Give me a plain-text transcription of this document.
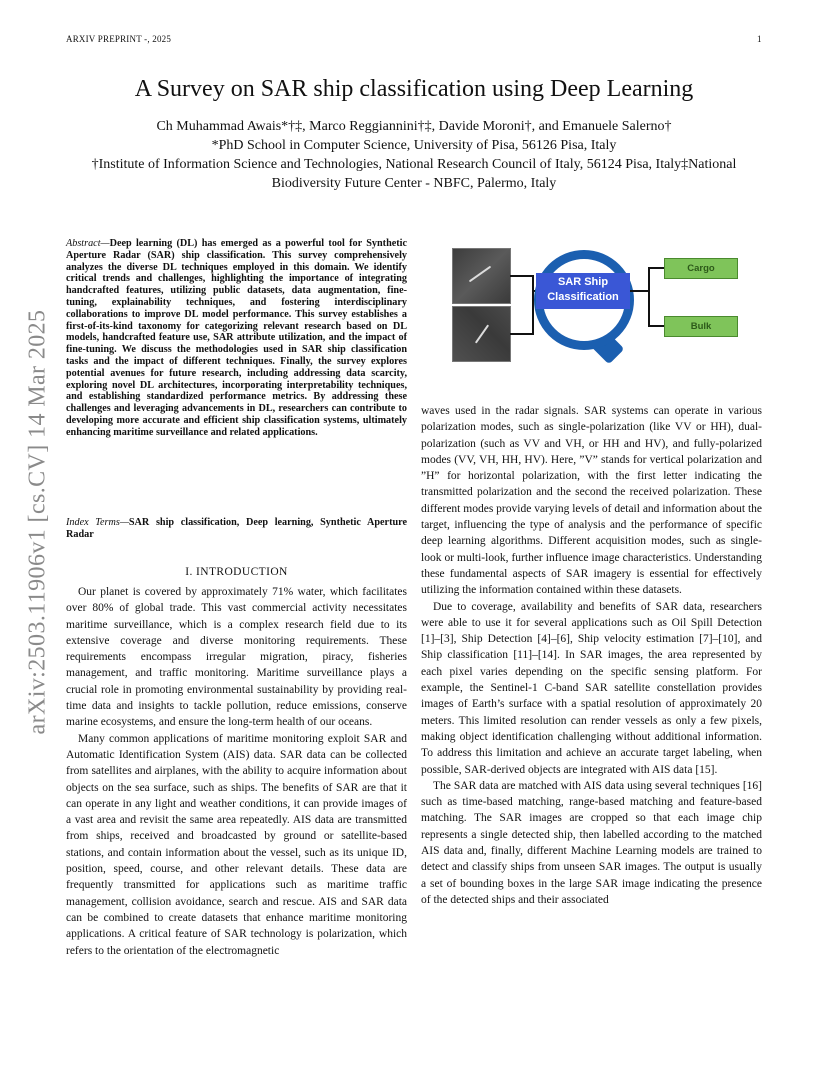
ARXIV PREPRINT -, 2025	1
arXiv:2503.11906v1 [cs.CV] 14 Mar 2025
A Survey on SAR ship classification using Deep Learning
Ch Muhammad Awais*†‡, Marco Reggiannini†‡, Davide Moroni†, and Emanuele Salerno†
*PhD School in Computer Science, University of Pisa, 56126 Pisa, Italy
†Institute of Information Science and Technologies, National Research Council of Italy, 56124 Pisa, Italy‡National Biodiversity Future Center - NBFC, Palermo, Italy
Abstract—Deep learning (DL) has emerged as a powerful tool for Synthetic Aperture Radar (SAR) ship classification. This survey comprehensively analyzes the diverse DL techniques employed in this domain. We identify critical trends and challenges, highlighting the importance of integrating handcrafted features, utilizing public datasets, data augmentation, fine-tuning, explainability techniques, and fostering interdisciplinary collaborations to improve DL model performance. This survey establishes a first-of-its-kind taxonomy for categorizing relevant research based on DL models, handcrafted feature use, SAR attribute utilization, and the impact of fine-tuning. We discuss the methodologies used in SAR ship classification tasks and the impact of different techniques. Finally, the survey explores potential avenues for future research, including addressing data scarcity, exploring novel DL architectures, incorporating interpretability techniques, and establishing standardized performance metrics. By addressing these challenges and leveraging advancements in DL, researchers can contribute to developing more accurate and efficient ship classification systems, ultimately enhancing maritime surveillance and related applications.
Index Terms—SAR ship classification, Deep learning, Synthetic Aperture Radar
I. INTRODUCTION

Our planet is covered by approximately 71% water, which facilitates over 80% of global trade. This vast commercial activity necessitates maritime surveillance, which is a complex research field due to its extensive coverage and diverse monitoring requirements. These requirements encompass irregular migration, piracy, fisheries management, and traffic monitoring. Maritime surveillance plays a crucial role in promoting environmental sustainability by providing real-time data and insights to tackle pollution, reduce emissions, conserve marine ecosystems, and ensure the long-term health of our oceans.

Many common applications of maritime monitoring exploit SAR and Automatic Identification System (AIS) data. SAR data can be collected from satellites and airplanes, with the ability to acquire information about objects on the sea surface, such as ships. The benefits of SAR are that it can operate in any light and weather conditions, it can provide images of a vast area and revisit the same area repeatedly. AIS data are transmitted from ships, received and broadcasted by ground or satellite-based stations, and contain information about the vessel, such as its unique ID, position, speed, course, and other relevant details. These data are frequently transmitted for applications such as maritime traffic management, collision avoidance, search and rescue. AIS and SAR data can be combined to create datasets that enhance maritime monitoring applications. A critical feature of SAR technology is polarization, which refers to the orientation of the electromagnetic

SAR Ship
Classification
Cargo
Bulk

waves used in the radar signals. SAR systems can operate in various polarization modes, such as single-polarization (like VV or HH), dual-polarization (such as VV and VH, or HH and HV), and fully-polarized modes (VV, VH, HH, HV). Here, ”V” stands for vertical polarization and ”H” for horizontal polarization, with the first letter indicating the transmitted polarization and the second the received polarization. These different modes provide varying levels of detail and information about the target, influencing the type of analysis and the performance of specific deep learning algorithms. Different acquisition modes, such as single-look or multi-look, further influence image characteristics. Understanding these fundamental aspects of SAR imagery is essential for effectively utilizing the information contained within these datasets.

Due to coverage, availability and benefits of SAR data, researchers were able to use it for several applications such as Oil Spill Detection [1]–[3], Ship Detection [4]–[6], Ship velocity estimation [7]–[10], and Ship classification [11]–[14]. In SAR images, the area represented by each pixel varies depending on the specific sensing platform. For example, the Sentinel-1 C-band SAR satellite constellation provides images of Earth’s surface with a spatial resolution of approximately 20 meters. This limited resolution can render vessels as only a few pixels, making object identification challenging without additional information. To address this limitation and achieve an accurate target labeling, when possible, SAR-derived objects are integrated with AIS data [15].

The SAR data are matched with AIS data using several techniques [16] such as time-based matching, range-based matching and feature-based matching. The SAR images are cropped so that each image chip represents a single detected ship, then labelled according to the matched AIS data and, finally, different Machine Learning models are trained to detect and classify ships from unseen SAR images. The output is usually a set of bounding boxes in the large SAR image indicating the presence of the detected ships and their associated
